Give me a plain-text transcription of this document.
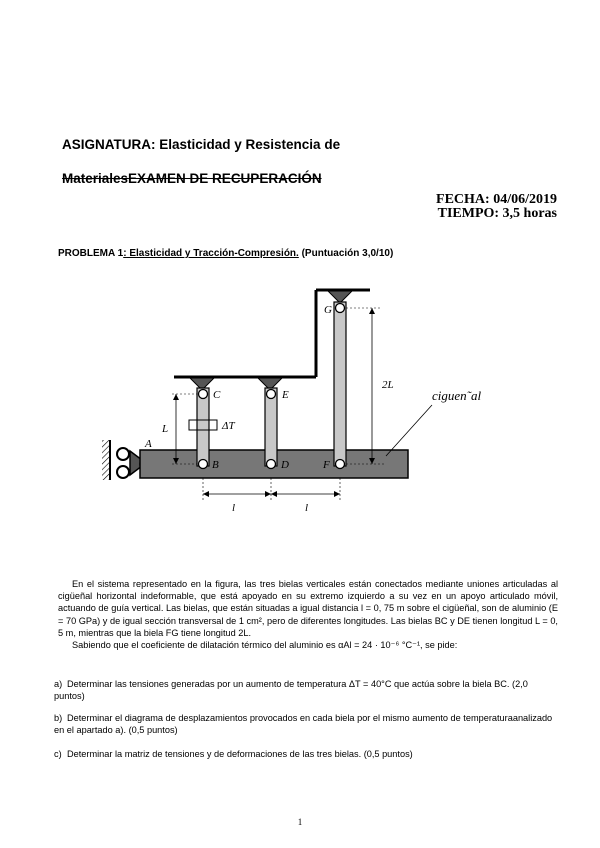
ASIGNATURA: Elasticidad y Resistencia de
MaterialesEXAMEN DE RECUPERACIÓN
FECHA: 04/06/2019
TIEMPO: 3,5 horas
PROBLEMA 1: Elasticidad y Tracción-Compresión. (Puntuación 3,0/10)
A
C	E
G
B	D	F
L
2L
ΔT
l	l
ciguen˜al

En el sistema representado en la figura, las tres bielas verticales están conectados mediante uniones articuladas al cigüeñal horizontal indeformable, que está apoyado en su extremo izquierdo a su vez en un apoyo articulado móvil, actuando de guía vertical. Las bielas, que están situadas a igual distancia l = 0, 75 m sobre el cigüeñal, son de aluminio (E = 70 GPa) y de igual sección transversal de 1 cm², pero de diferentes longitudes. Las bielas BC y DE tienen longitud L = 0, 5 m, mientras que la biela FG tiene longitud 2L.

Sabiendo que el coeficiente de dilatación térmico del aluminio es αAl = 24 · 10⁻⁶ °C⁻¹, se pide:

a) Determinar las tensiones generadas por un aumento de temperatura ΔT = 40°C que actúa sobre la biela BC. (2,0 puntos)
b) Determinar el diagrama de desplazamientos provocados en cada biela por el mismo aumento de temperaturaanalizado en el apartado a). (0,5 puntos)
c) Determinar la matriz de tensiones y de deformaciones de las tres bielas. (0,5 puntos)
1
